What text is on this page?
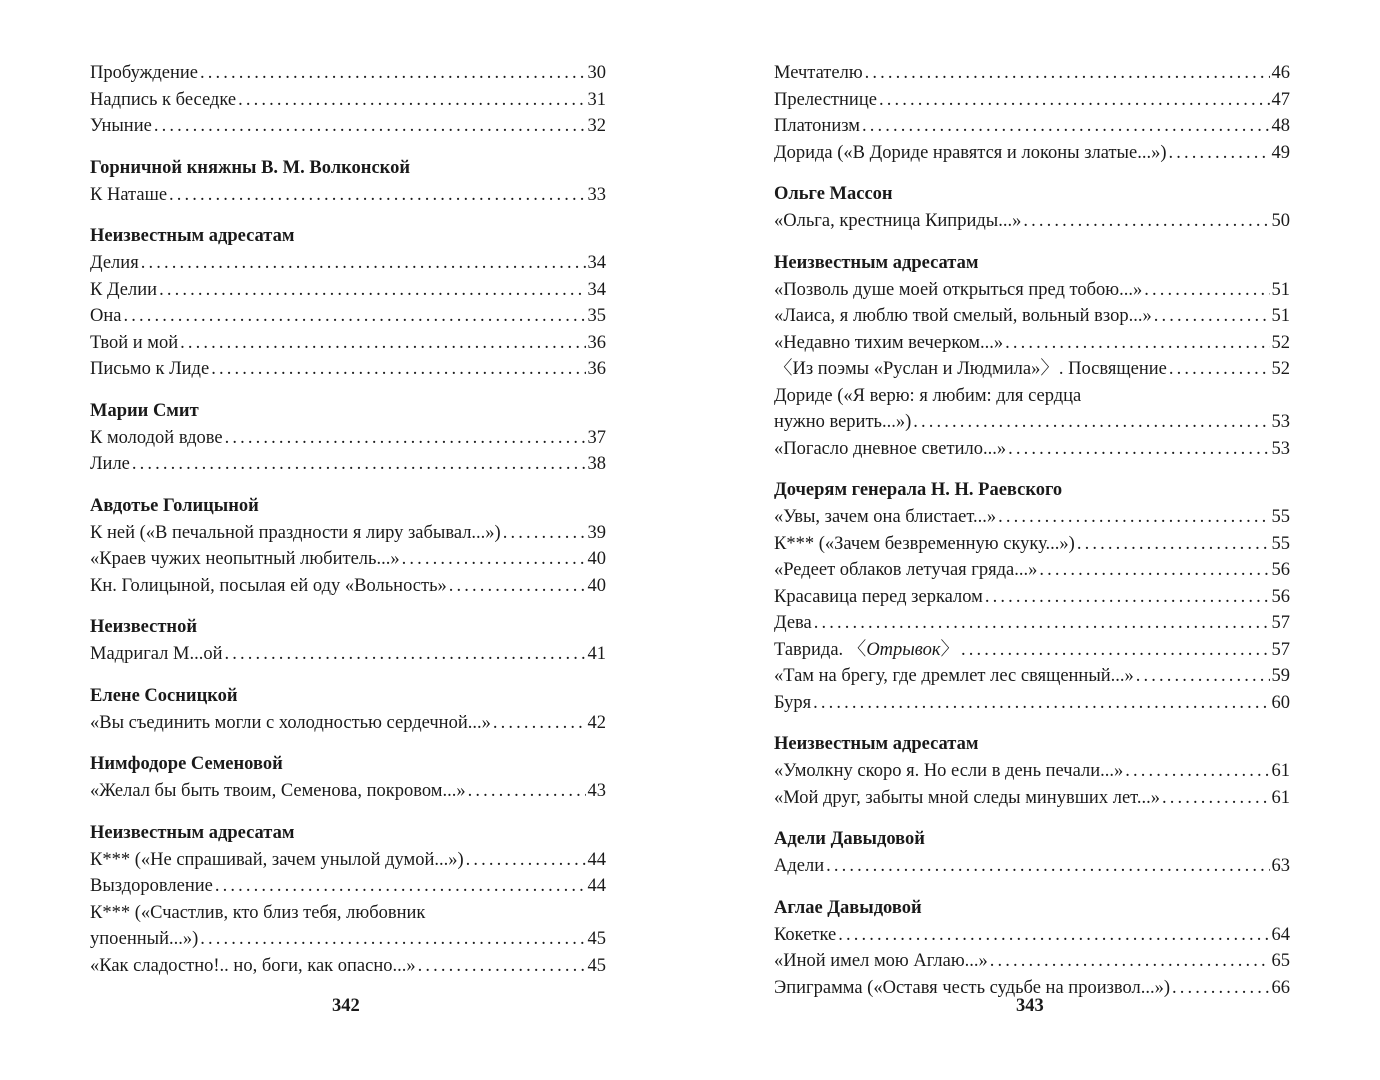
Пробуждение . . .	30
Надпись к беседке . . .	31
Уныние . . .	32
Горничной княжны В. М. Волконской
К Наташе . . .	33
Неизвестным адресатам
Делия . . .	34
К Делии . . .	34
Она . . .	35
Твой и мой . . .	36
Письмо к Лиде . . .	36
Марии Смит
К молодой вдове . . .	37
Лиле . . .	38
Авдотье Голицыной
К ней («В печальной праздности я лиру забывал...») . . .	39
«Краев чужих неопытный любитель...» . . .	40
Кн. Голицыной, посылая ей оду «Вольность» . . .	40
Неизвестной
Мадригал М...ой . . .	41
Елене Сосницкой
«Вы съединить могли с холодностью сердечной...» . . .	42
Нимфодоре Семеновой
«Желал бы быть твоим, Семенова, покровом...» . . .	43
Неизвестным адресатам
К*** («Не спрашивай, зачем унылой думой...») . . .	44
Выздоровление . . .	44
К*** («Счастлив, кто близ тебя, любовник
упоенный...») . . .	45
«Как сладостно!.. но, боги, как опасно...» . . .	45
Мечтателю . . .	46
Прелестнице . . .	47
Платонизм . . .	48
Дорида («В Дориде нравятся и локоны златые...») . . .	49
Ольге Массон
«Ольга, крестница Киприды...» . . .	50
Неизвестным адресатам
«Позволь душе моей открыться пред тобою...» . . .	51
«Лаиса, я люблю твой смелый, вольный взор...» . . .	51
«Недавно тихим вечерком...» . . .	52
〈Из поэмы «Руслан и Людмила»〉. Посвящение . . .	52
Дориде («Я верю: я любим: для сердца
нужно верить...») . . .	53
«Погасло дневное светило...» . . .	53
Дочерям генерала Н. Н. Раевского
«Увы, зачем она блистает...» . . .	55
К*** («Зачем безвременную скуку...») . . .	55
«Редеет облаков летучая гряда...» . . .	56
Красавица перед зеркалом . . .	56
Дева . . .	57
Таврида. 〈Отрывок〉 . . .	57
«Там на брегу, где дремлет лес священный...» . . .	59
Буря . . .	60
Неизвестным адресатам
«Умолкну скоро я. Но если в день печали...» . . .	61
«Мой друг, забыты мной следы минувших лет...» . . .	61
Адели Давыдовой
Адели . . .	63
Аглае Давыдовой
Кокетке . . .	64
«Иной имел мою Аглаю...» . . .	65
Эпиграмма («Оставя честь судьбе на произвол...») . . .	66
342	343
